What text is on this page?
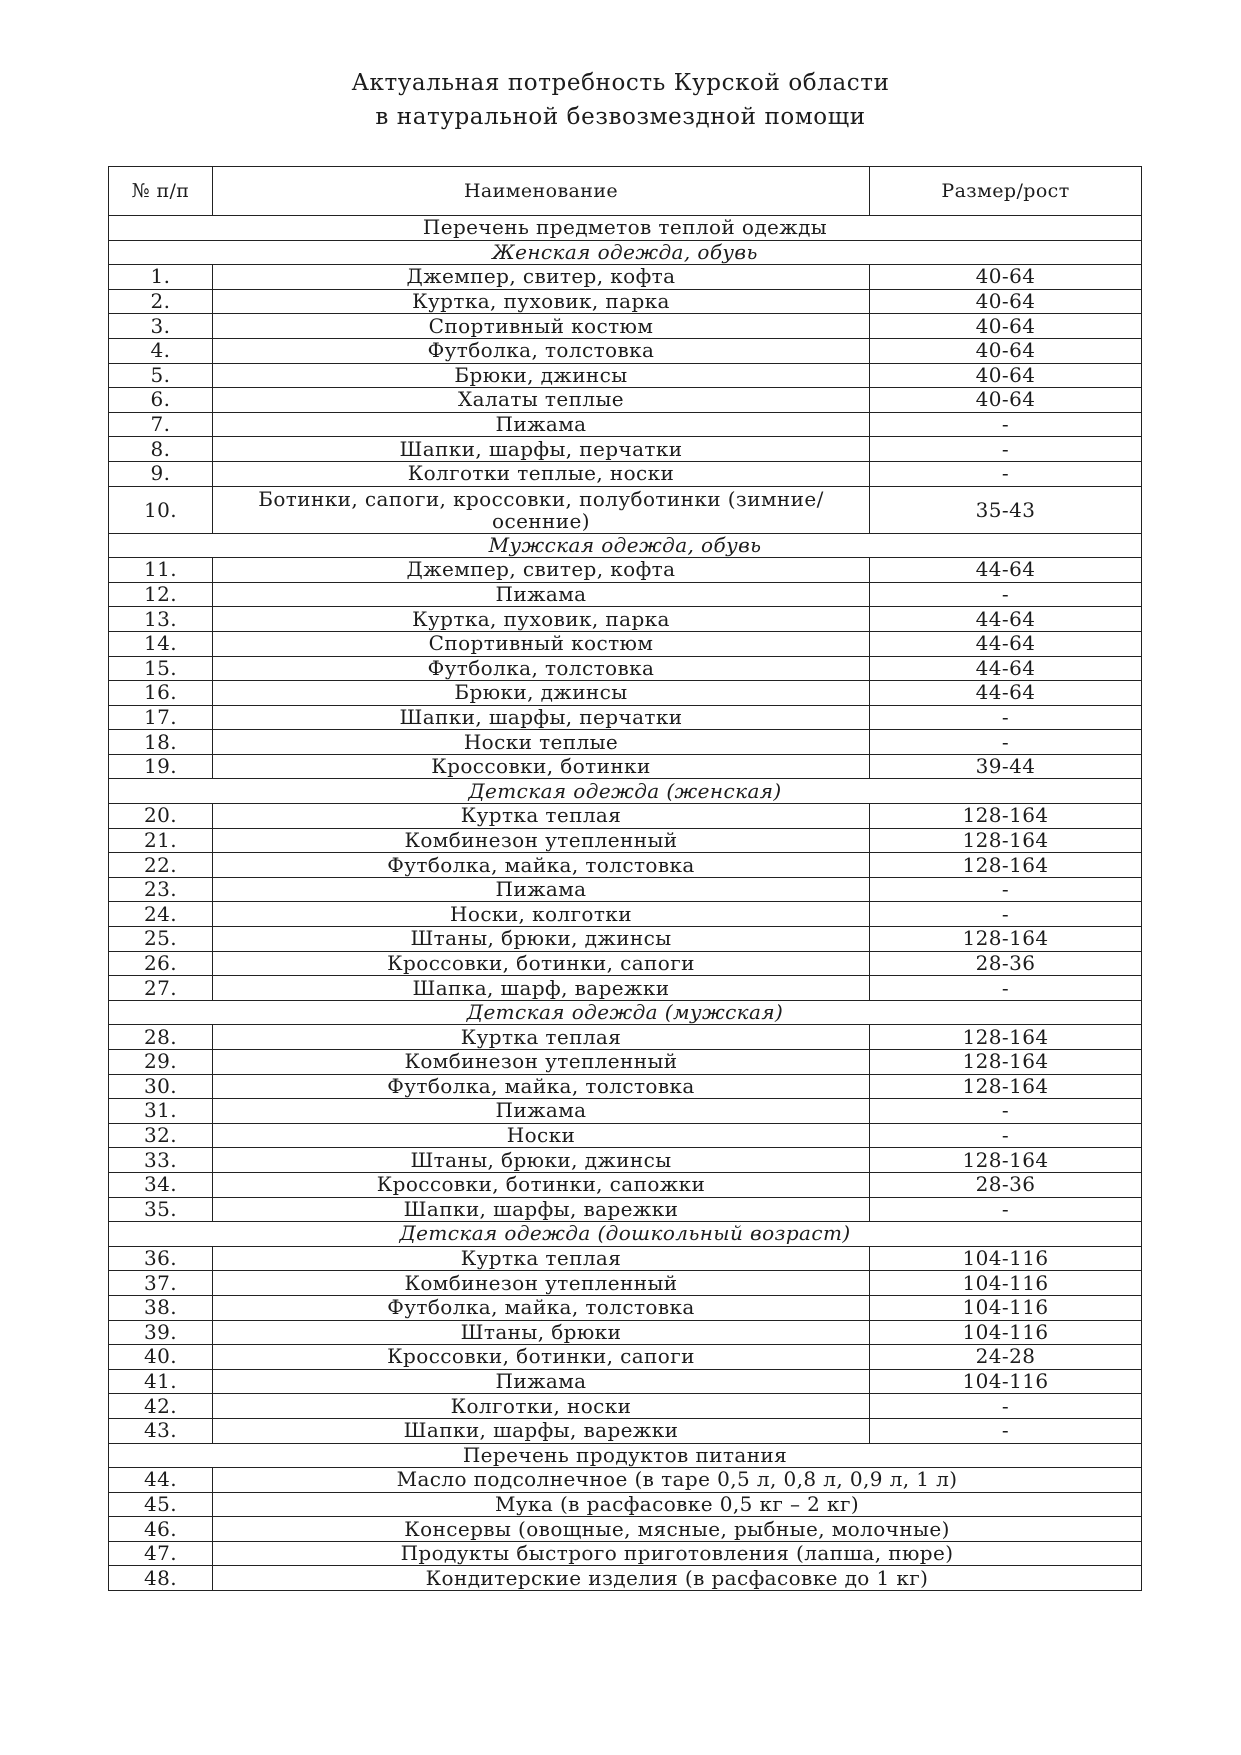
Актуальная потребность Курской области
в натуральной безвозмездной помощи
№ п/п	Наименование	Размер/рост
Перечень предметов теплой одежды		
Женская одежда, обувь		
1.	Джемпер, свитер, кофта	40-64
2.	Куртка, пуховик, парка	40-64
3.	Спортивный костюм	40-64
4.	Футболка, толстовка	40-64
5.	Брюки, джинсы	40-64
6.	Халаты теплые	40-64
7.	Пижама	-
8.	Шапки, шарфы, перчатки	-
9.	Колготки теплые, носки	-
10.	Ботинки, сапоги, кроссовки, полуботинки (зимние/осенние)	35-43
Мужская одежда, обувь		
11.	Джемпер, свитер, кофта	44-64
12.	Пижама	-
13.	Куртка, пуховик, парка	44-64
14.	Спортивный костюм	44-64
15.	Футболка, толстовка	44-64
16.	Брюки, джинсы	44-64
17.	Шапки, шарфы, перчатки	-
18.	Носки теплые	-
19.	Кроссовки, ботинки	39-44
Детская одежда (женская)		
20.	Куртка теплая	128-164
21.	Комбинезон утепленный	128-164
22.	Футболка, майка, толстовка	128-164
23.	Пижама	-
24.	Носки, колготки	-
25.	Штаны, брюки, джинсы	128-164
26.	Кроссовки, ботинки, сапоги	28-36
27.	Шапка, шарф, варежки	-
Детская одежда (мужская)		
28.	Куртка теплая	128-164
29.	Комбинезон утепленный	128-164
30.	Футболка, майка, толстовка	128-164
31.	Пижама	-
32.	Носки	-
33.	Штаны, брюки, джинсы	128-164
34.	Кроссовки, ботинки, сапожки	28-36
35.	Шапки, шарфы, варежки	-
Детская одежда (дошкольный возраст)		
36.	Куртка теплая	104-116
37.	Комбинезон утепленный	104-116
38.	Футболка, майка, толстовка	104-116
39.	Штаны, брюки	104-116
40.	Кроссовки, ботинки, сапоги	24-28
41.	Пижама	104-116
42.	Колготки, носки	-
43.	Шапки, шарфы, варежки	-
Перечень продуктов питания		
44.	Масло подсолнечное (в таре 0,5 л, 0,8 л, 0,9 л, 1 л)	
45.	Мука (в расфасовке 0,5 кг – 2 кг)	
46.	Консервы (овощные, мясные, рыбные, молочные)	
47.	Продукты быстрого приготовления (лапша, пюре)	
48.	Кондитерские изделия (в расфасовке до 1 кг)	
